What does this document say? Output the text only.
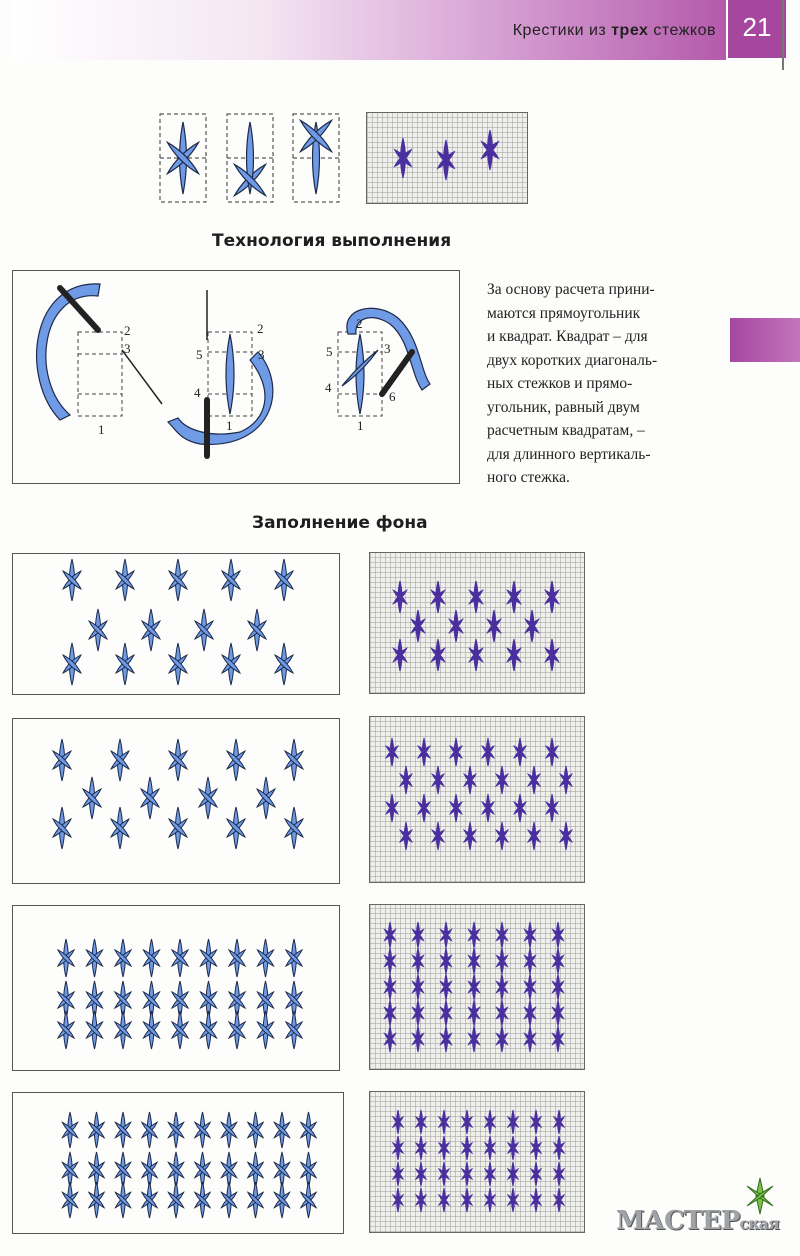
Крестики из трех стежков	21
Технология выполнения
2
3
1
2
5	3
4
1
2
5	3
4
6
1
За основу расчета прини-
маются прямоугольник
и квадрат. Квадрат – для
двух коротких диагональ-
ных стежков и прямо-
угольник, равный двум
расчетным квадратам, –
для длинного вертикаль-
ного стежка.
Заполнение фона
МАСТЕРская
